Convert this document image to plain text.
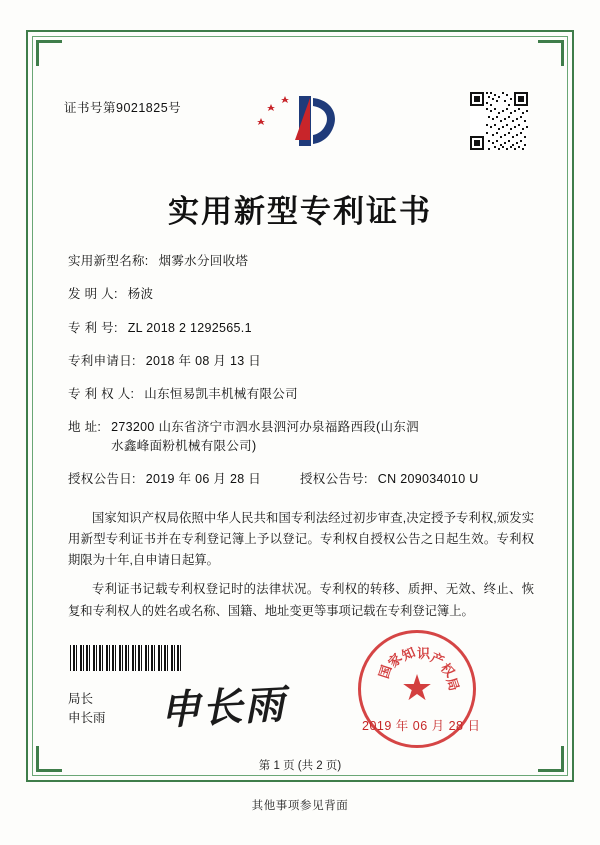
证书号第9021825号
实用新型专利证书
实用新型名称: 烟雾水分回收塔
发 明 人: 杨波
专 利 号: ZL 2018 2 1292565.1
专利申请日: 2018 年 08 月 13 日
专 利 权 人: 山东恒易凯丰机械有限公司
地 址: 273200 山东省济宁市泗水县泗河办泉福路西段(山东泗
水鑫峰面粉机械有限公司)
授权公告日: 2019 年 06 月 28 日	授权公告号: CN 209034010 U

国家知识产权局依照中华人民共和国专利法经过初步审查,决定授予专利权,颁发实用新型专利证书并在专利登记簿上予以登记。专利权自授权公告之日起生效。专利权期限为十年,自申请日起算。

专利证书记载专利权登记时的法律状况。专利权的转移、质押、无效、终止、恢复和专利权人的姓名或名称、国籍、地址变更等事项记载在专利登记簿上。

★
国
家
知 识
产
权
局
局长
申长雨 申长雨	2019 年 06 月 28 日
第 1 页 (共 2 页)
其他事项参见背面
